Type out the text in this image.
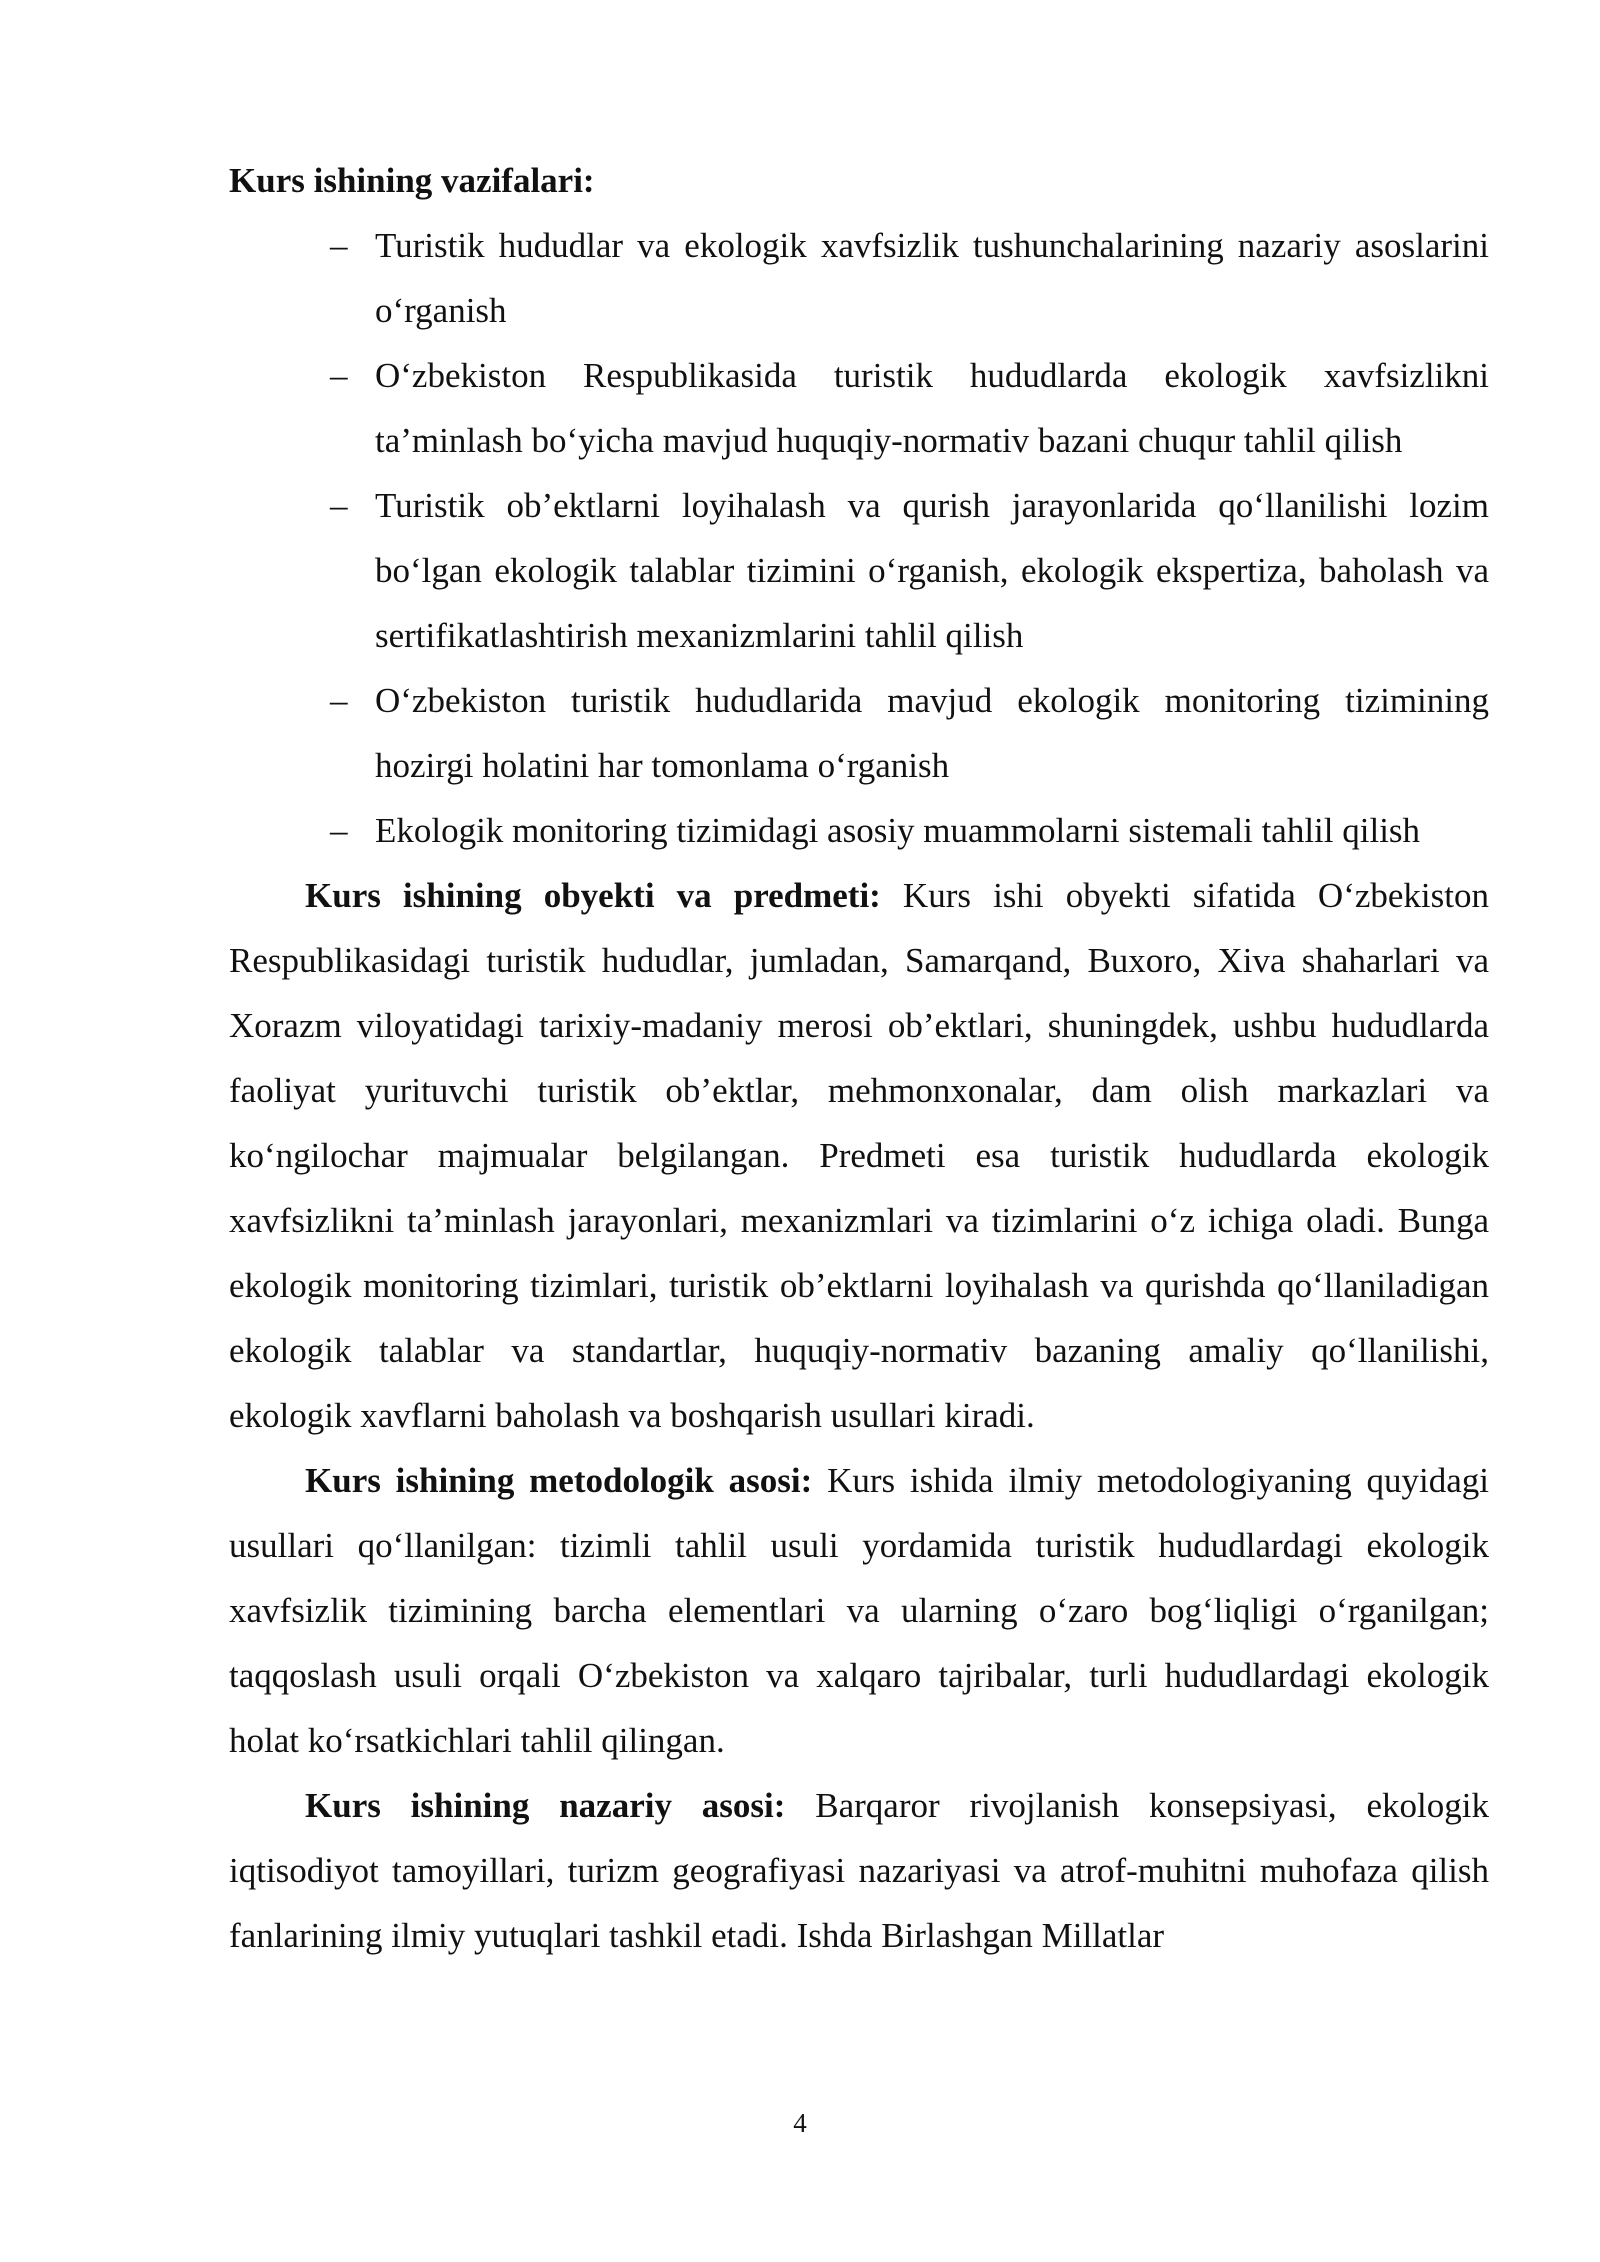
Kurs ishining vazifalari:

– Turistik hududlar va ekologik xavfsizlik tushunchalarining nazariy asoslarini o‘rganish
– O‘zbekiston Respublikasida turistik hududlarda ekologik xavfsizlikni ta’minlash bo‘yicha mavjud huquqiy-normativ bazani chuqur tahlil qilish
– Turistik ob’ektlarni loyihalash va qurish jarayonlarida qo‘llanilishi lozim bo‘lgan ekologik talablar tizimini o‘rganish, ekologik ekspertiza, baholash va sertifikatlashtirish mexanizmlarini tahlil qilish
– O‘zbekiston turistik hududlarida mavjud ekologik monitoring tizimining hozirgi holatini har tomonlama o‘rganish
– Ekologik monitoring tizimidagi asosiy muammolarni sistemali tahlil qilish

Kurs ishining obyekti va predmeti: Kurs ishi obyekti sifatida O‘zbekiston Respublikasidagi turistik hududlar, jumladan, Samarqand, Buxoro, Xiva shaharlari va Xorazm viloyatidagi tarixiy-madaniy merosi ob’ektlari, shuningdek, ushbu hududlarda faoliyat yurituvchi turistik ob’ektlar, mehmonxonalar, dam olish markazlari va ko‘ngilochar majmualar belgilangan. Predmeti esa turistik hududlarda ekologik xavfsizlikni ta’minlash jarayonlari, mexanizmlari va tizimlarini o‘z ichiga oladi. Bunga ekologik monitoring tizimlari, turistik ob’ektlarni loyihalash va qurishda qo‘llaniladigan ekologik talablar va standartlar, huquqiy-normativ bazaning amaliy qo‘llanilishi, ekologik xavflarni baholash va boshqarish usullari kiradi.

Kurs ishining metodologik asosi: Kurs ishida ilmiy metodologiyaning quyidagi usullari qo‘llanilgan: tizimli tahlil usuli yordamida turistik hududlardagi ekologik xavfsizlik tizimining barcha elementlari va ularning o‘zaro bog‘liqligi o‘rganilgan; taqqoslash usuli orqali O‘zbekiston va xalqaro tajribalar, turli hududlardagi ekologik holat ko‘rsatkichlari tahlil qilingan.

Kurs ishining nazariy asosi: Barqaror rivojlanish konsepsiyasi, ekologik iqtisodiyot tamoyillari, turizm geografiyasi nazariyasi va atrof-muhitni muhofaza qilish fanlarining ilmiy yutuqlari tashkil etadi. Ishda Birlashgan Millatlar

4
